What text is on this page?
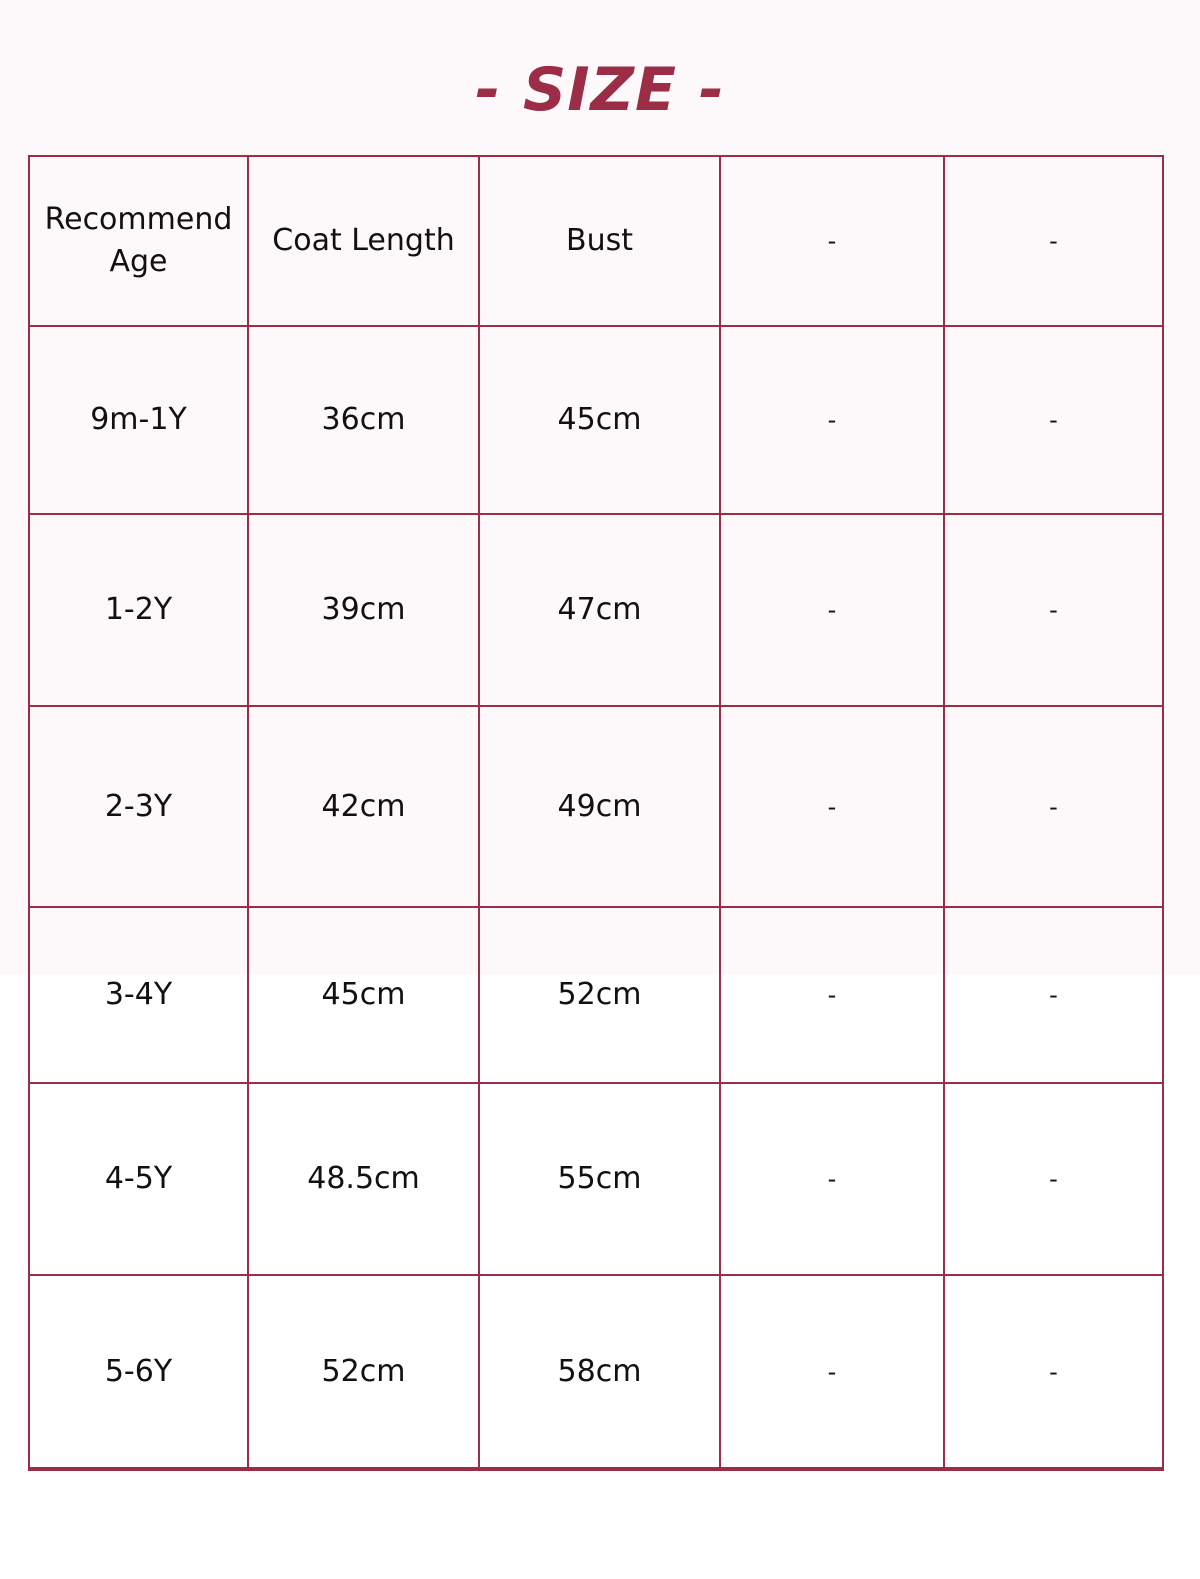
- SIZE -
Recommend Age	Coat Length	Bust	-	-
9m-1Y	36cm	45cm	-	-
1-2Y	39cm	47cm	-	-
2-3Y	42cm	49cm	-	-
3-4Y	45cm	52cm	-	-
4-5Y	48.5cm	55cm	-	-
5-6Y	52cm	58cm	-	-
